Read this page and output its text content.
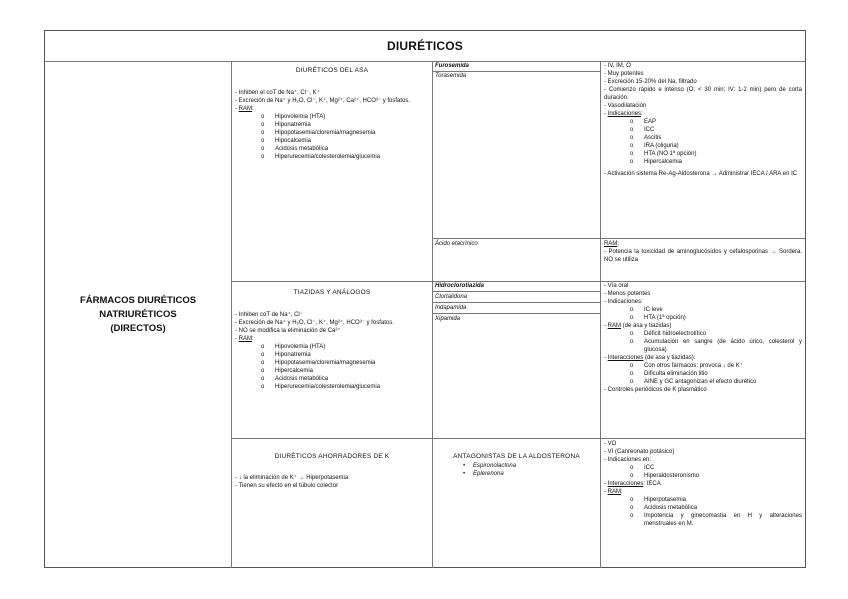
DIURÉTICOS
FÁRMACOS DIURÉTICOS
NATRIURÉTICOS
(DIRECTOS)
DIURÉTICOS DEL ASA

- Inhiben el coT de Na⁺, Cl⁻, K⁺

- Excreción de Na⁺ y H₂O, Cl⁻, K⁺, Mg²⁺, Ca²⁺, HCO³⁻ y fosfatos.

- RAM:

o Hipovolemia (HTA)
o Hiponatremia
o Hipopotasemia/cloremia/magnesemia
o Hipocalcemia
o Acidosis metabólica
o Hiperurecemia/colesterolemia/glucemia
Furosemida
Torasemida
Ácido etacrínico

- IV, IM, O

- Muy potentes

- Excreción 15-20% del Na, filtrado

- Comienzo rápido e intenso (O: < 30 min; IV: 1-2 min) pero de corta duración.

- Vasodilatación

- Indicaciones:

o EAP
o ICC
o Ascitis
o IRA (oliguria)
o HTA (NO 1ª opción)
o Hipercalcemia

- Activación sistema Re-Ag-Aldosterona → Administrar IECA / ARA en IC

RAM:

- Potencia la toxicidad de aminoglucósidos y cefalosporinas → Sordera. NO se utiliza

TIAZIDAS Y ANÁLOGOS

- Inhiben coT de Na⁺, Cl⁻

- Excreción de Na⁺ y H₂O, Cl⁻, K⁺, Mg²⁺, HCO³⁻ y fosfatos.

- NO se modifica la eliminación de Ca²⁺

- RAM:

o Hipovolemia (HTA)
o Hiponatremia
o Hipopotasemia/cloremia/magnesemia
o Hipercalcemia
o Acidosis metabólica
o Hiperurecemia/colesterolemia/glucemia
Hidroclorotiazida
Clortalidona
Indapamida
Xipamida

- Vía oral

- Menos potentes

- Indicaciones:

o IC leve
o HTA (1ª opción)

- RAM (de asa y tiazidas)

o Déficit hidroelectrolítico
o Acumulación en sangre (de ácido úrico, colesterol y glucosa)

- Interacciones (de asa y tiazidas):

o Con otros fármacos: provoca ↓ de K⁺
o Dificulta eliminación litio
o AINE y GC antagonizan el efecto diurético

- Controles periódicos de K plasmático

DIURÉTICOS AHORRADORES DE K

- ↓ la eliminación de K⁺ → Hiperpotasemia

- Tienen su efecto en el túbulo colector

ANTAGONISTAS DE LA ALDOSTERONA
• Espironolactona
• Eplerenona

- VO

- VI (Canreonato potásico)

- Indicaciones en:

o ICC
o Hiperaldosteronismo

- Interacciones: IECA

- RAM:

o Hiperpotasemia
o Acidosis metabólica
o Impotencia y ginecomastia en H y alteraciones menstruales en M.
